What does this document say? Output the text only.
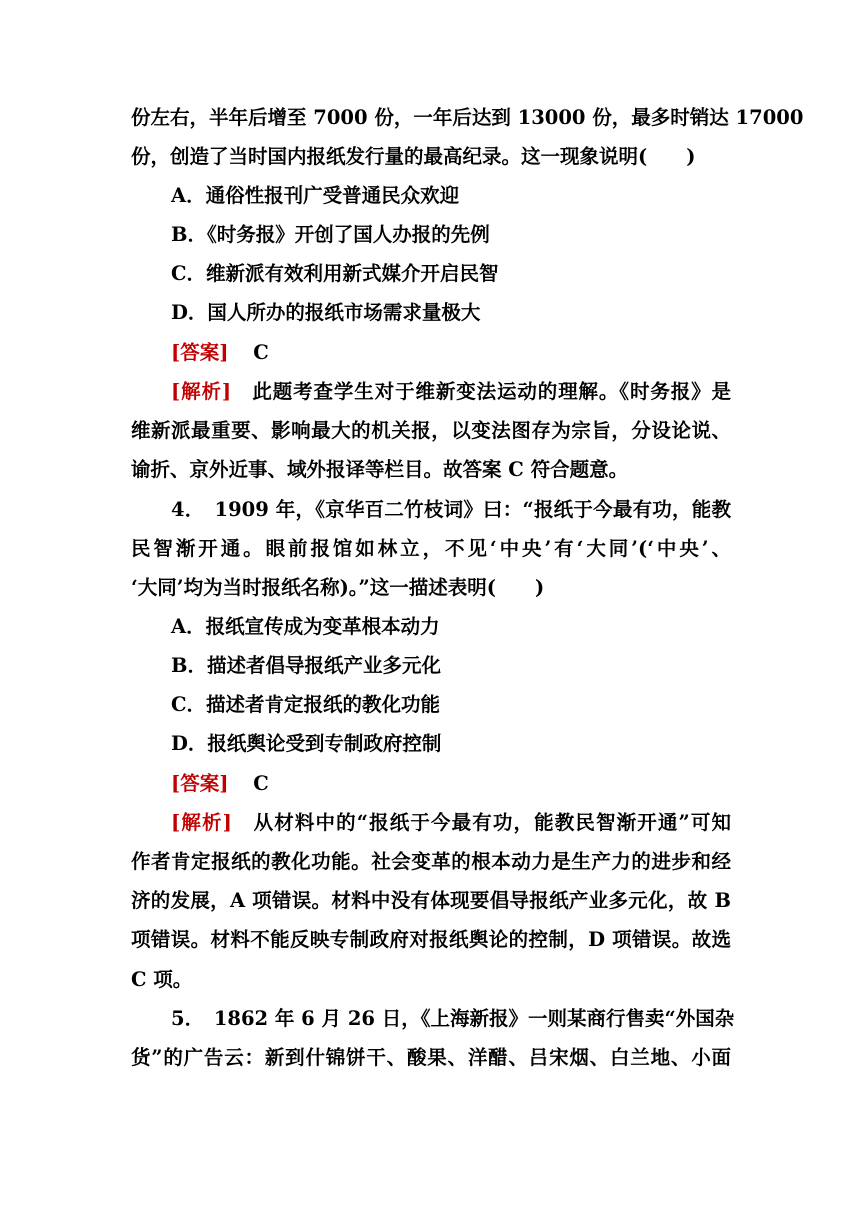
份左右，半年后增至 7000 份，一年后达到 13000 份，最多时销达 17000
份，创造了当时国内报纸发行量的最高纪录。这一现象说明(　　)
A．通俗性报刊广受普通民众欢迎
B．《时务报》开创了国人办报的先例
C．维新派有效利用新式媒介开启民智
D．国人所办的报纸市场需求量极大
[答案] C
[解析]　此题考查学生对于维新变法运动的理解。《时务报》是
维新派最重要、影响最大的机关报，以变法图存为宗旨，分设论说、
谕折、京外近事、域外报译等栏目。故答案 C 符合题意。
4．　1909 年，《京华百二竹枝词》曰：“报纸于今最有功，能教
民智渐开通。眼前报馆如林立，不见‘中央’有‘大同’(‘中央’、
‘大同’均为当时报纸名称)。”这一描述表明(　　)
A．报纸宣传成为变革根本动力
B．描述者倡导报纸产业多元化
C．描述者肯定报纸的教化功能
D．报纸舆论受到专制政府控制
[答案] C
[解析]　从材料中的“报纸于今最有功，能教民智渐开通”可知
作者肯定报纸的教化功能。社会变革的根本动力是生产力的进步和经
济的发展，A 项错误。材料中没有体现要倡导报纸产业多元化，故 B
项错误。材料不能反映专制政府对报纸舆论的控制，D 项错误。故选
C 项。
5．　1862 年 6 月 26 日，《上海新报》一则某商行售卖“外国杂
货”的广告云：新到什锦饼干、酸果、洋醋、吕宋烟、白兰地、小面
